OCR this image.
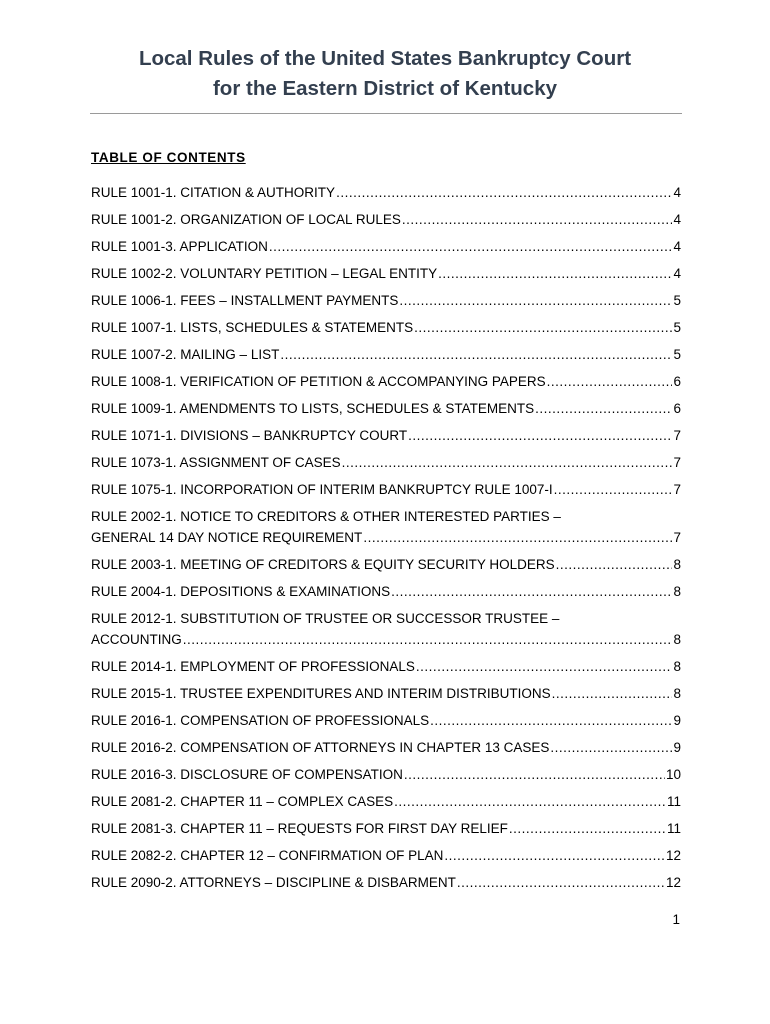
Local Rules of the United States Bankruptcy Court
for the Eastern District of Kentucky
TABLE OF CONTENTS
RULE 1001-1. CITATION & AUTHORITY .....	4
RULE 1001-2. ORGANIZATION OF LOCAL RULES .....	4
RULE 1001-3. APPLICATION .....	4
RULE 1002-2. VOLUNTARY PETITION – LEGAL ENTITY .....	4
RULE 1006-1. FEES – INSTALLMENT PAYMENTS .....	5
RULE 1007-1. LISTS, SCHEDULES & STATEMENTS .....	5
RULE 1007-2. MAILING – LIST .....	5
RULE 1008-1. VERIFICATION OF PETITION & ACCOMPANYING PAPERS .....	6
RULE 1009-1. AMENDMENTS TO LISTS, SCHEDULES & STATEMENTS .....	6
RULE 1071-1. DIVISIONS – BANKRUPTCY COURT .....	7
RULE 1073-1. ASSIGNMENT OF CASES .....	7
RULE 1075-1. INCORPORATION OF INTERIM BANKRUPTCY RULE 1007-I .....	7
RULE 2002-1. NOTICE TO CREDITORS & OTHER INTERESTED PARTIES –
GENERAL 14 DAY NOTICE REQUIREMENT .....	7
RULE 2003-1. MEETING OF CREDITORS & EQUITY SECURITY HOLDERS .....	8
RULE 2004-1. DEPOSITIONS & EXAMINATIONS .....	8
RULE 2012-1. SUBSTITUTION OF TRUSTEE OR SUCCESSOR TRUSTEE –
ACCOUNTING .....	8
RULE 2014-1. EMPLOYMENT OF PROFESSIONALS .....	8
RULE 2015-1. TRUSTEE EXPENDITURES AND INTERIM DISTRIBUTIONS .....	8
RULE 2016-1. COMPENSATION OF PROFESSIONALS .....	9
RULE 2016-2. COMPENSATION OF ATTORNEYS IN CHAPTER 13 CASES .....	9
RULE 2016-3. DISCLOSURE OF COMPENSATION .....	10
RULE 2081-2. CHAPTER 11 – COMPLEX CASES .....	11
RULE 2081-3. CHAPTER 11 – REQUESTS FOR FIRST DAY RELIEF .....	11
RULE 2082-2. CHAPTER 12 – CONFIRMATION OF PLAN .....	12
RULE 2090-2. ATTORNEYS – DISCIPLINE & DISBARMENT .....	12
1
